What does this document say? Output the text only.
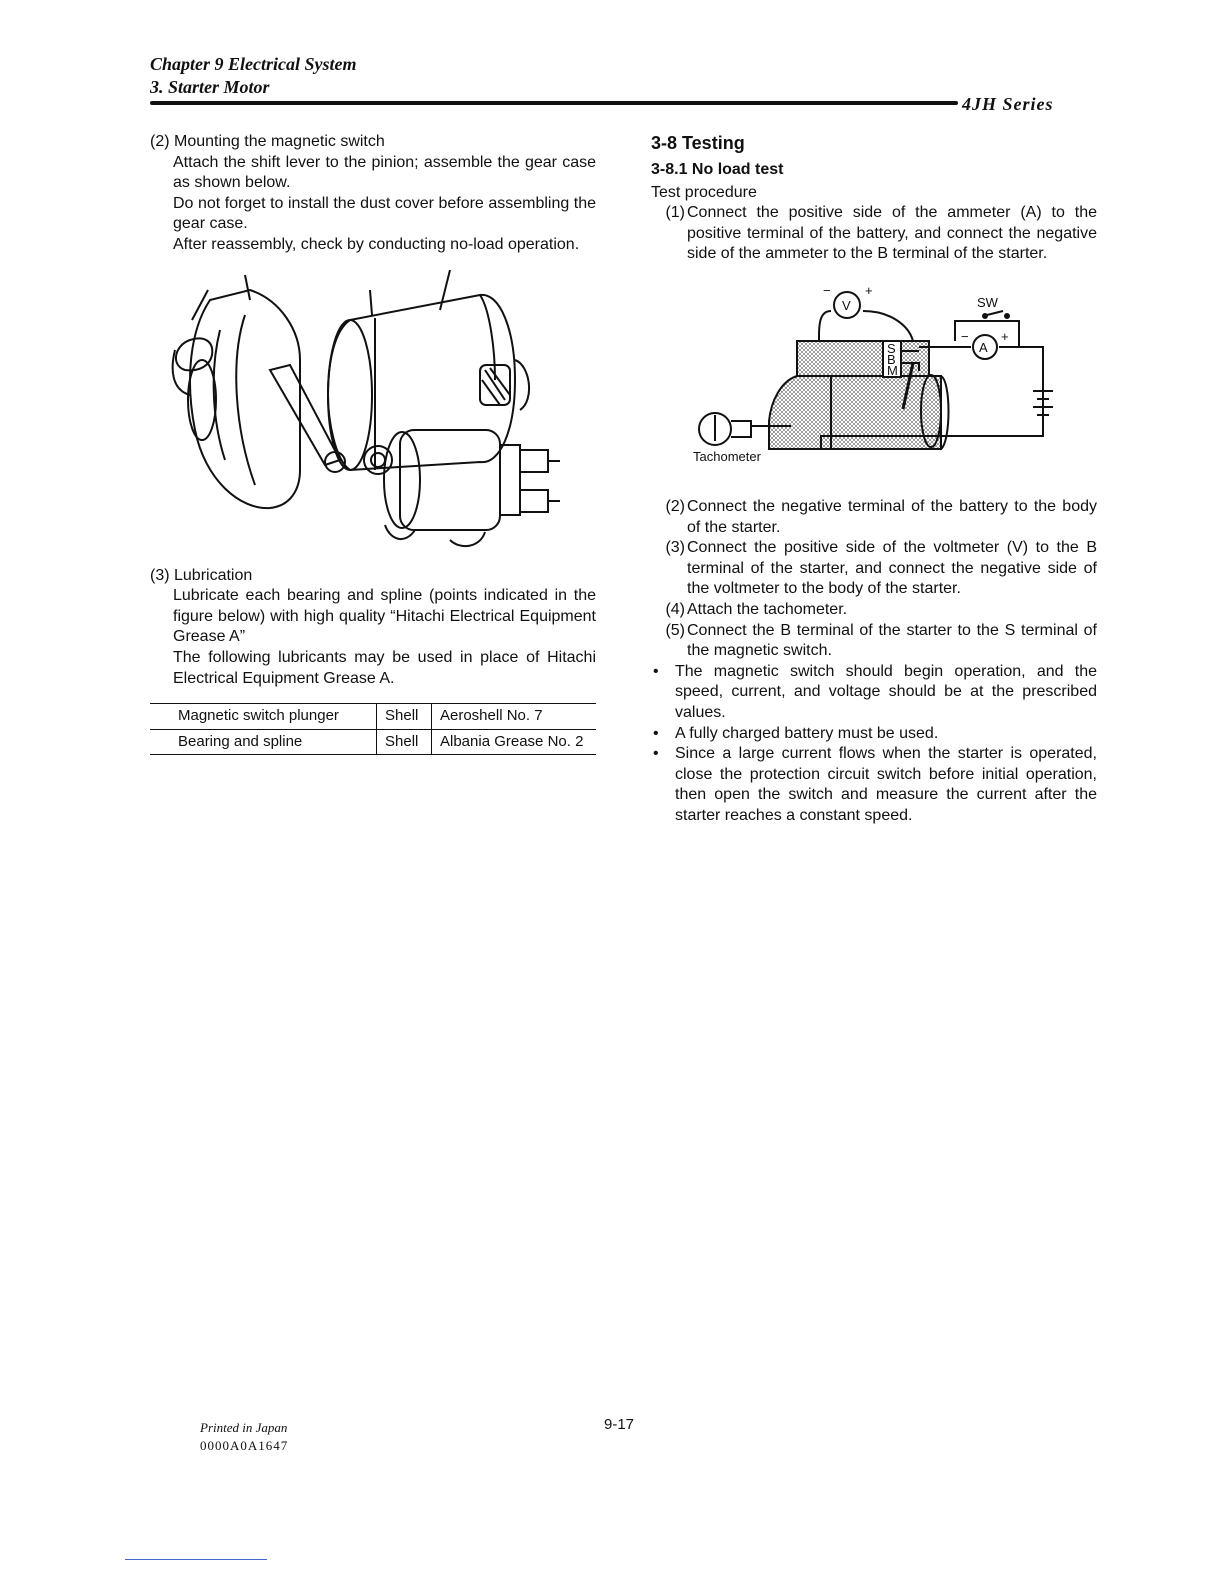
Chapter 9 Electrical System
3. Starter Motor
4JH Series

(2) Mounting the magnetic switch

Attach the shift lever to the pinion; assemble the gear case as shown below.

Do not forget to install the dust cover before assembling the gear case.

After reassembly, check by conducting no-load operation.

(3) Lubrication

Lubricate each bearing and spline (points indicated in the figure below) with high quality “Hitachi Electrical Equipment Grease A”

The following lubricants may be used in place of Hitachi Electrical Equipment Grease A.

Magnetic switch plunger	Shell	Aeroshell No. 7
Bearing and spline	Shell	Albania Grease No. 2

3-8 Testing

3-8.1 No load test

Test procedure

(1) Connect the positive side of the ammeter (A) to the positive terminal of the battery, and connect the negative side of the ammeter to the B terminal of the starter.
V
−	+
A
− +
SW
S
B
M
Tachometer
(2) Connect the negative terminal of the battery to the body of the starter.
(3) Connect the positive side of the voltmeter (V) to the B terminal of the starter, and connect the negative side of the voltmeter to the body of the starter.
(4) Attach the tachometer.
(5) Connect the B terminal of the starter to the S terminal of the magnetic switch.
•	The magnetic switch should begin operation, and the speed, current, and voltage should be at the prescribed values.
•	A fully charged battery must be used.
•	Since a large current flows when the starter is operated, close the protection circuit switch before initial operation, then open the switch and measure the current after the starter reaches a constant speed.
Printed in Japan
0000A0A1647
9-17
